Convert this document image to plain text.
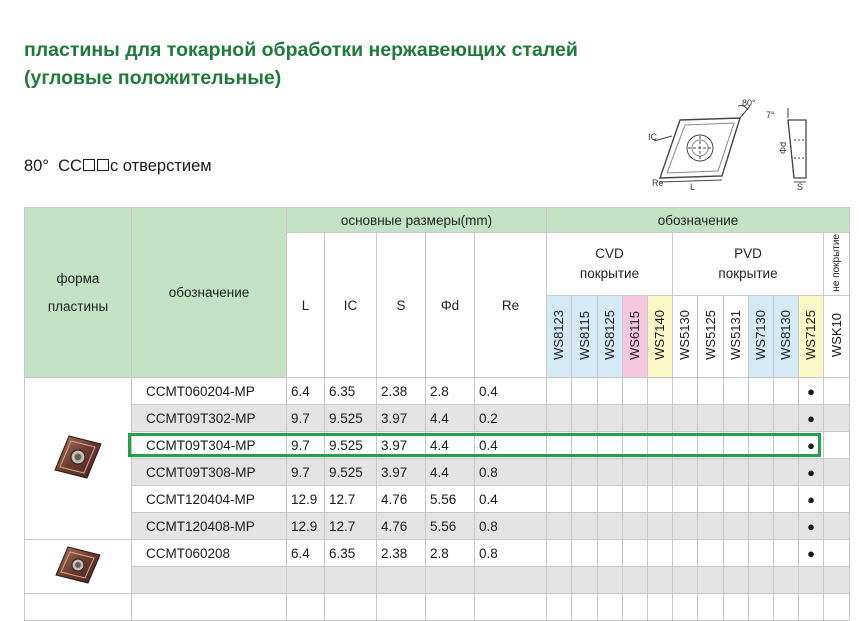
пластины для токарной обработки нержавеющих сталей
(угловые положительные)
80° CC с отверстием
80°
7°
IC
Re	L
Φd
S
форма пластины	обозначение	основные размеры(mm)					обозначение											
		L	IC	S	Φd	Re	CVD покрытие					PVD покрытие						не покрытие
							WS8123	WS8115	WS8125	WS6115	WS7140	WS5130	WS5125	WS5131	WS7130	WS8130	WS7125	WSK10
	CCMT060204-MP	6.4	6.35	2.38	2.8	0.4											●	
	CCMT09T302-MP	9.7	9.525	3.97	4.4	0.2											●	
	CCMT09T304-MP	9.7	9.525	3.97	4.4	0.4											●	
	CCMT09T308-MP	9.7	9.525	3.97	4.4	0.8											●	
	CCMT120404-MP	12.9	12.7	4.76	5.56	0.4											●	
	CCMT120408-MP	12.9	12.7	4.76	5.56	0.8											●	
	CCMT060208	6.4	6.35	2.38	2.8	0.8											●	
